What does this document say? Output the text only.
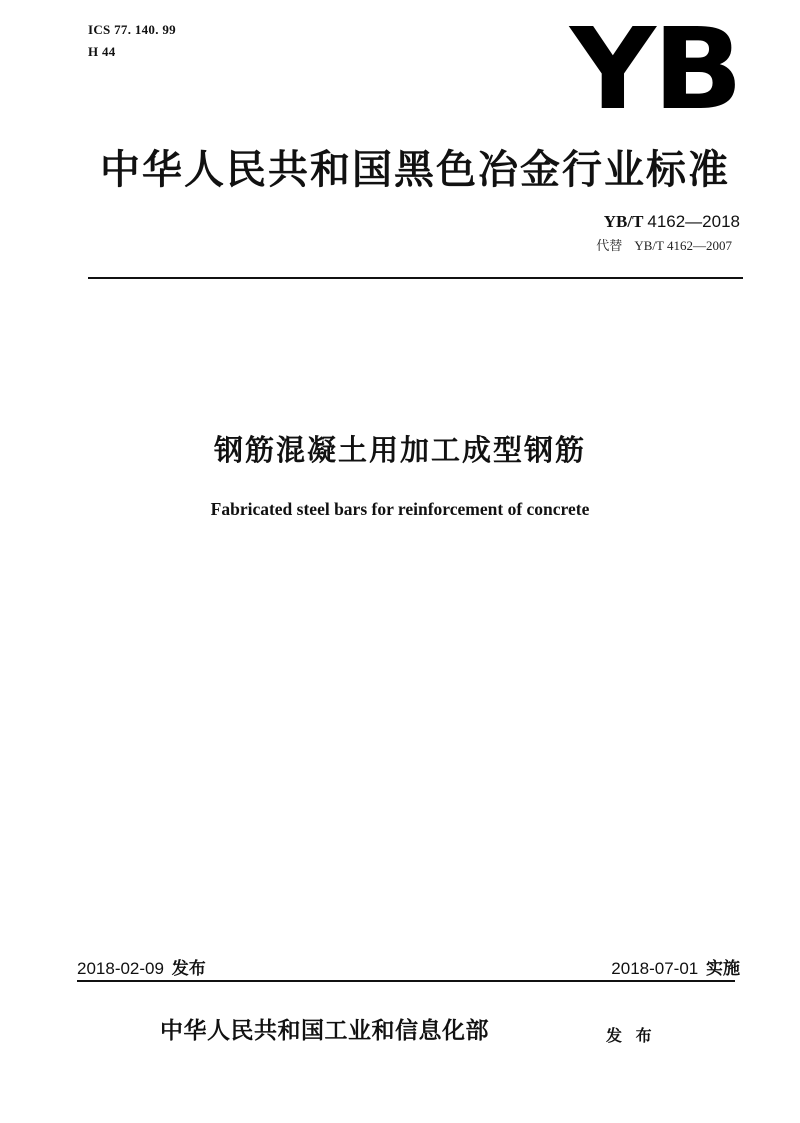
ICS 77. 140. 99
H 44	YB
中华人民共和国黑色冶金行业标准
YB/T 4162—2018
代替 YB/T 4162—2007
钢筋混凝土用加工成型钢筋
Fabricated steel bars for reinforcement of concrete
2018-02-09 发布	2018-07-01 实施
中华人民共和国工业和信息化部	发 布
